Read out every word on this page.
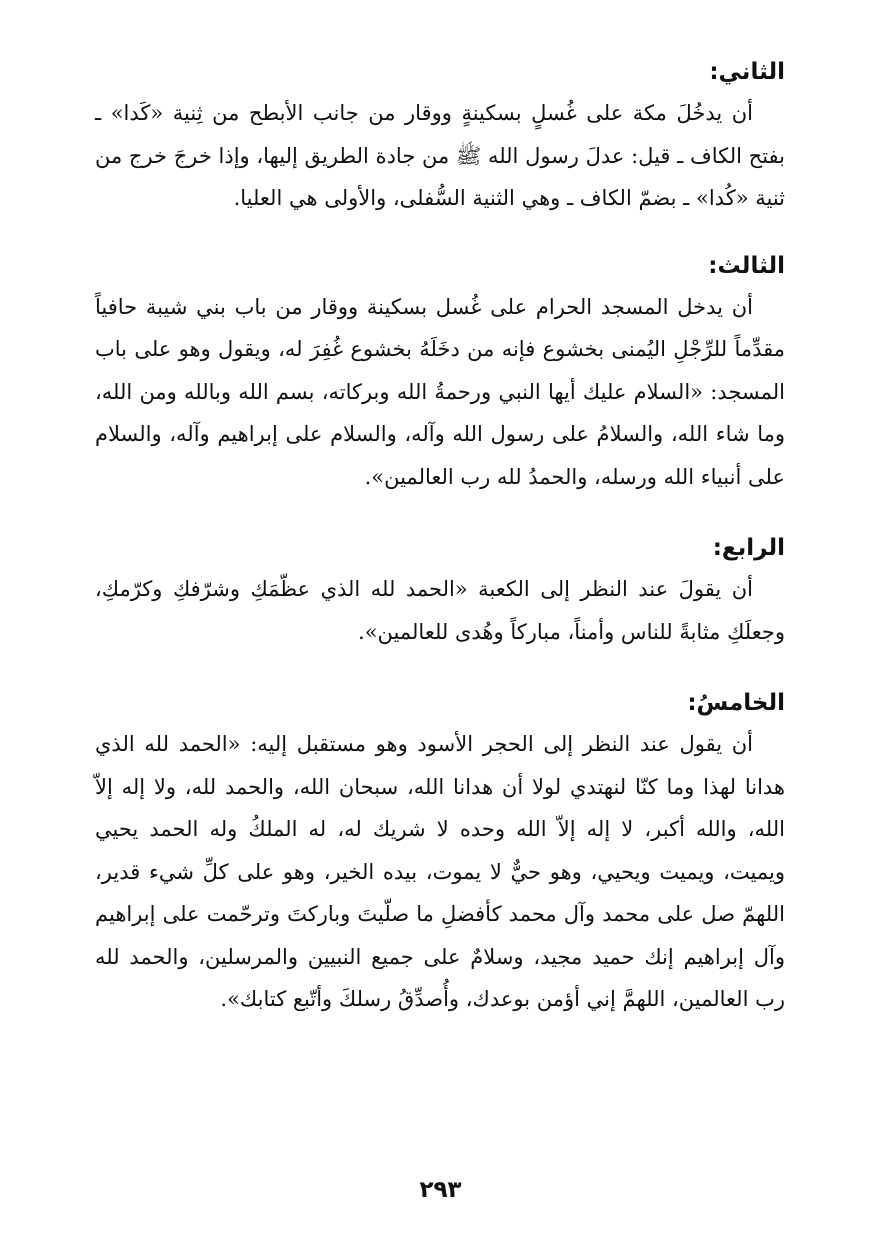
الثاني:

أن يدخُلَ مكة على غُسلٍ بسكينةٍ ووقار من جانب الأبطح من ثِنية «كَدا» ـ بفتح الكاف ـ قيل: عدلَ رسول الله ﷺ من جادة الطريق إليها، وإذا خرجَ خرج من ثنية «كُدا» ـ بضمّ الكاف ـ وهي الثنية السُّفلى، والأولى هي العليا.

الثالث:

أن يدخل المسجد الحرام على غُسل بسكينة ووقار من باب بني شيبة حافياً مقدِّماً للرِّجْلِ اليُمنى بخشوع فإنه من دخَلَهُ بخشوع غُفِرَ له، ويقول وهو على باب المسجد: «السلام عليك أيها النبي ورحمةُ الله وبركاته، بسم الله وبالله ومن الله، وما شاء الله، والسلامُ على رسول الله وآله، والسلام على إبراهيم وآله، والسلام على أنبياء الله ورسله، والحمدُ لله رب العالمين».

الرابع:

أن يقولَ عند النظر إلى الكعبة «الحمد لله الذي عظّمَكِ وشرّفكِ وكرّمكِ، وجعلَكِ مثابةً للناس وأمناً، مباركاً وهُدى للعالمين».

الخامسُ:

أن يقول عند النظر إلى الحجر الأسود وهو مستقبل إليه: «الحمد لله الذي هدانا لهذا وما كنّا لنهتدي لولا أن هدانا الله، سبحان الله، والحمد لله، ولا إله إلاّ الله، والله أكبر، لا إله إلاّ الله وحده لا شريك له، له الملكُ وله الحمد يحيي ويميت، ويميت ويحيي، وهو حيٌّ لا يموت، بيده الخير، وهو على كلِّ شيء قدير، اللهمّ صل على محمد وآل محمد كأفضلِ ما صلّيتَ وباركتَ وترحّمت على إبراهيم وآل إبراهيم إنك حميد مجيد، وسلامٌ على جميع النبيين والمرسلين، والحمد لله رب العالمين، اللهمَّ إني أؤمن بوعدك، وأُصدِّقُ رسلكَ وأتّبع كتابك».

٢٩٣
